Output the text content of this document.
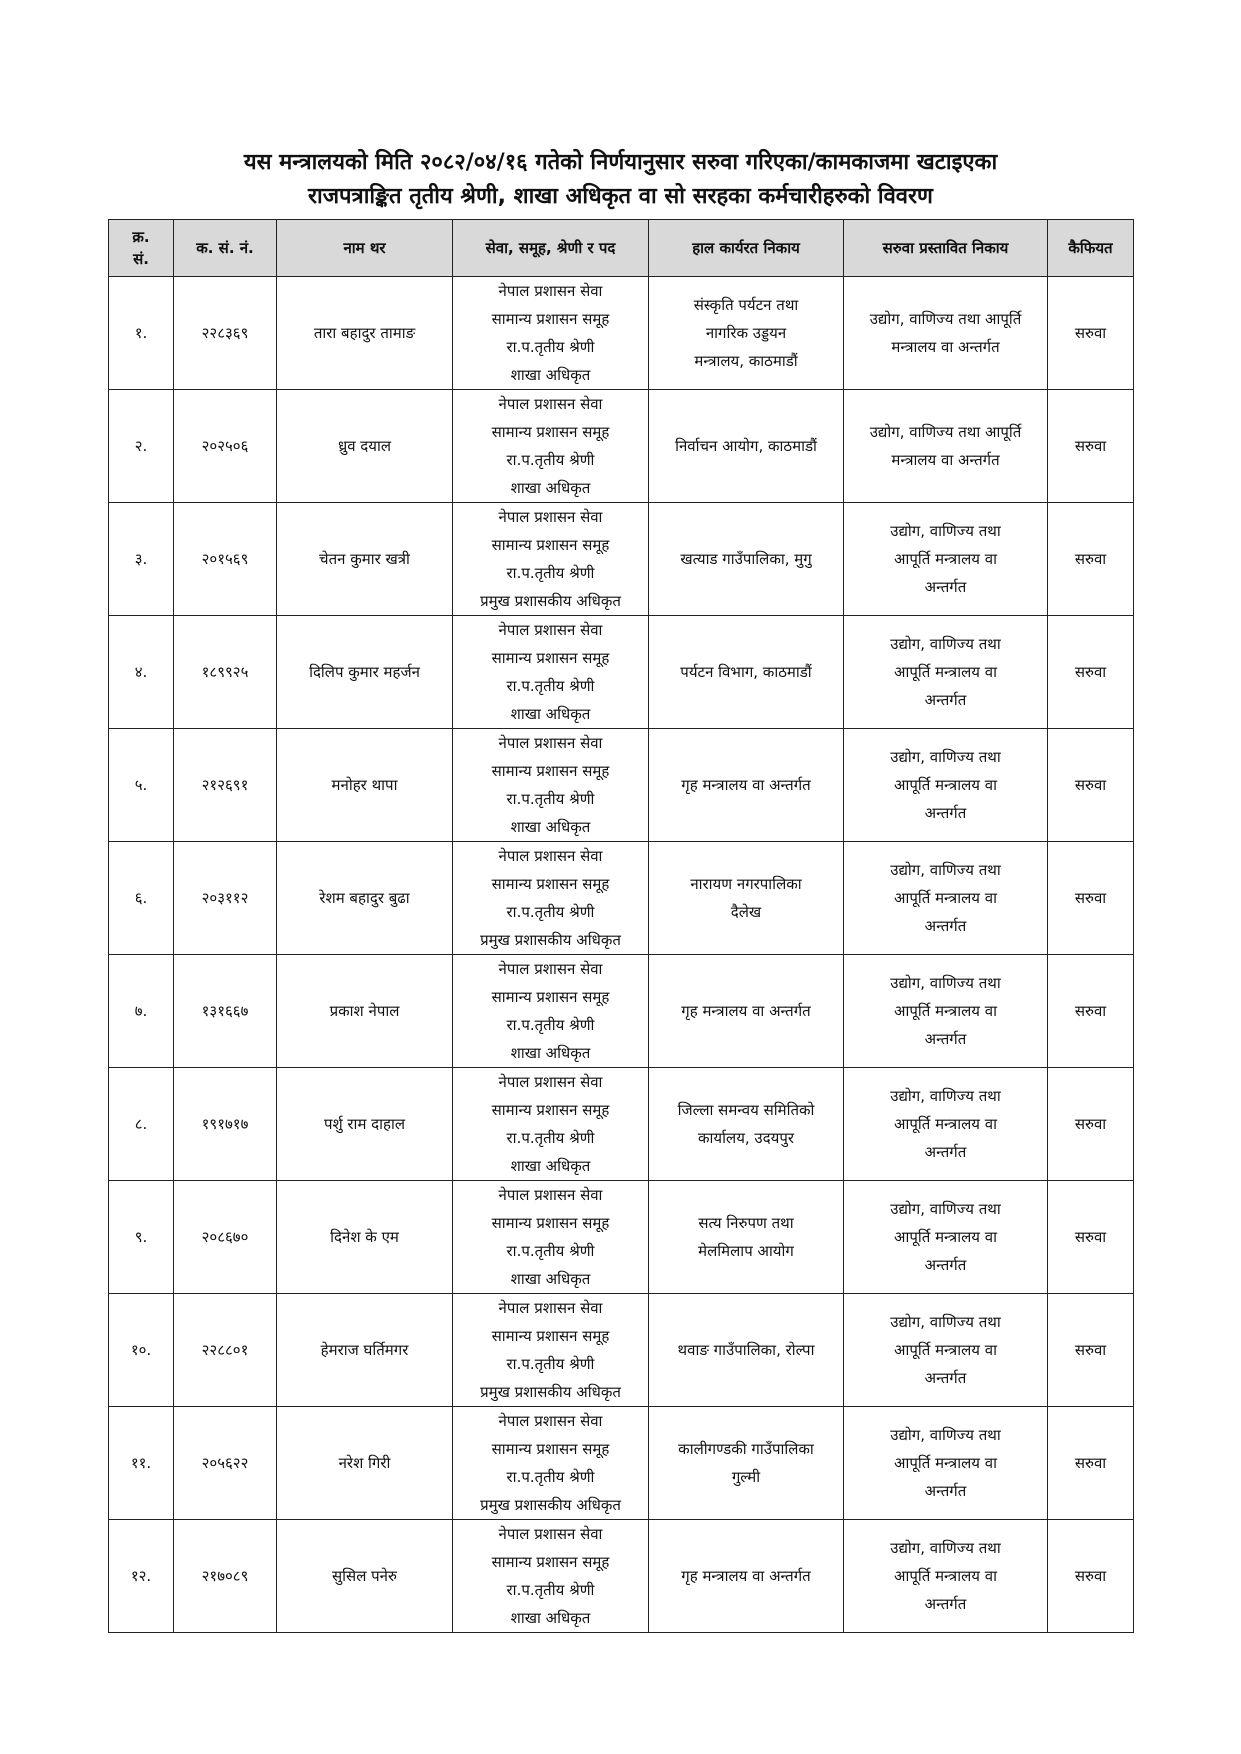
यस मन्त्रालयको मिति २०८२/०४/१६ गतेको निर्णयानुसार सरुवा गरिएका/कामकाजमा खटाइएका
राजपत्राङ्कित तृतीय श्रेणी, शाखा अधिकृत वा सो सरहका कर्मचारीहरुको विवरण
क्र.
सं.	क. सं. नं.	नाम थर	सेवा, समूह, श्रेणी र पद	हाल कार्यरत निकाय	सरुवा प्रस्तावित निकाय	कैफियत
१.	२२८३६९	तारा बहादुर तामाङ	नेपाल प्रशासन सेवा
सामान्य प्रशासन समूह
रा.प.तृतीय श्रेणी
शाखा अधिकृत	संस्कृति पर्यटन तथा
नागरिक उड्डयन
मन्त्रालय, काठमाडौं	उद्योग, वाणिज्य तथा आपूर्ति
मन्त्रालय वा अन्तर्गत	सरुवा
२.	२०२५०६	ध्रुव दयाल	नेपाल प्रशासन सेवा
सामान्य प्रशासन समूह
रा.प.तृतीय श्रेणी
शाखा अधिकृत	निर्वाचन आयोग, काठमाडौं	उद्योग, वाणिज्य तथा आपूर्ति
मन्त्रालय वा अन्तर्गत	सरुवा
३.	२०१५६९	चेतन कुमार खत्री	नेपाल प्रशासन सेवा
सामान्य प्रशासन समूह
रा.प.तृतीय श्रेणी
प्रमुख प्रशासकीय अधिकृत	खत्याड गाउँपालिका, मुगु	उद्योग, वाणिज्य तथा
आपूर्ति मन्त्रालय वा
अन्तर्गत	सरुवा
४.	१८९९२५	दिलिप कुमार महर्जन	नेपाल प्रशासन सेवा
सामान्य प्रशासन समूह
रा.प.तृतीय श्रेणी
शाखा अधिकृत	पर्यटन विभाग, काठमाडौं	उद्योग, वाणिज्य तथा
आपूर्ति मन्त्रालय वा
अन्तर्गत	सरुवा
५.	२१२६९१	मनोहर थापा	नेपाल प्रशासन सेवा
सामान्य प्रशासन समूह
रा.प.तृतीय श्रेणी
शाखा अधिकृत	गृह मन्त्रालय वा अन्तर्गत	उद्योग, वाणिज्य तथा
आपूर्ति मन्त्रालय वा
अन्तर्गत	सरुवा
६.	२०३११२	रेशम बहादुर बुढा	नेपाल प्रशासन सेवा
सामान्य प्रशासन समूह
रा.प.तृतीय श्रेणी
प्रमुख प्रशासकीय अधिकृत	नारायण नगरपालिका
दैलेख	उद्योग, वाणिज्य तथा
आपूर्ति मन्त्रालय वा
अन्तर्गत	सरुवा
७.	१३१६६७	प्रकाश नेपाल	नेपाल प्रशासन सेवा
सामान्य प्रशासन समूह
रा.प.तृतीय श्रेणी
शाखा अधिकृत	गृह मन्त्रालय वा अन्तर्गत	उद्योग, वाणिज्य तथा
आपूर्ति मन्त्रालय वा
अन्तर्गत	सरुवा
८.	१९१७१७	पर्शु राम दाहाल	नेपाल प्रशासन सेवा
सामान्य प्रशासन समूह
रा.प.तृतीय श्रेणी
शाखा अधिकृत	जिल्ला समन्वय समितिको
कार्यालय, उदयपुर	उद्योग, वाणिज्य तथा
आपूर्ति मन्त्रालय वा
अन्तर्गत	सरुवा
९.	२०८६७०	दिनेश के एम	नेपाल प्रशासन सेवा
सामान्य प्रशासन समूह
रा.प.तृतीय श्रेणी
शाखा अधिकृत	सत्य निरुपण तथा
मेलमिलाप आयोग	उद्योग, वाणिज्य तथा
आपूर्ति मन्त्रालय वा
अन्तर्गत	सरुवा
१०.	२२८८०१	हेमराज घर्तिमगर	नेपाल प्रशासन सेवा
सामान्य प्रशासन समूह
रा.प.तृतीय श्रेणी
प्रमुख प्रशासकीय अधिकृत	थवाङ गाउँपालिका, रोल्पा	उद्योग, वाणिज्य तथा
आपूर्ति मन्त्रालय वा
अन्तर्गत	सरुवा
११.	२०५६२२	नरेश गिरी	नेपाल प्रशासन सेवा
सामान्य प्रशासन समूह
रा.प.तृतीय श्रेणी
प्रमुख प्रशासकीय अधिकृत	कालीगण्डकी गाउँपालिका
गुल्मी	उद्योग, वाणिज्य तथा
आपूर्ति मन्त्रालय वा
अन्तर्गत	सरुवा
१२.	२१७०८९	सुसिल पनेरु	नेपाल प्रशासन सेवा
सामान्य प्रशासन समूह
रा.प.तृतीय श्रेणी
शाखा अधिकृत	गृह मन्त्रालय वा अन्तर्गत	उद्योग, वाणिज्य तथा
आपूर्ति मन्त्रालय वा
अन्तर्गत	सरुवा
